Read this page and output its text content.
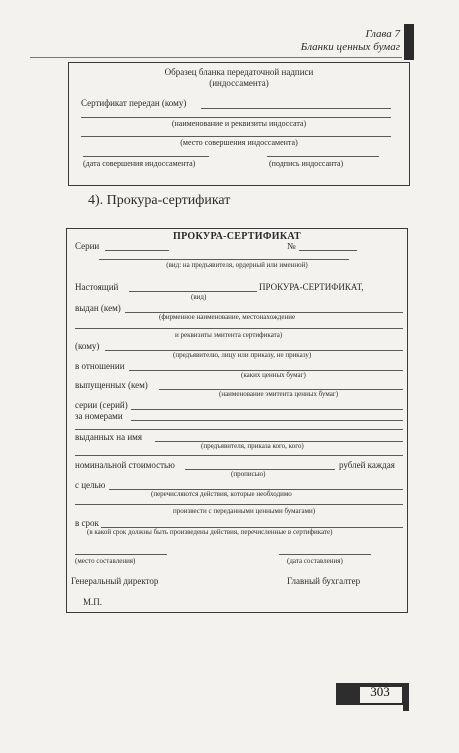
Глава 7
Бланки ценных бумаг
Образец бланка передаточной надписи
(индоссамента)
Сертификат передан (кому)
(наименование и реквизиты индоссата)
(место совершения индоссамента)
(дата совершения индоссамента)	(подпись индоссанта)
4). Прокура-сертификат
ПРОКУРА-СЕРТИФИКАТ
Серии	№
(вид: на предъявителя, ордерный или именной)
Настоящий	ПРОКУРА-СЕРТИФИКАТ,
(вид)
выдан (кем)
(фирменное наименование, местонахождение
и реквизиты эмитента сертификата)
(кому)
(предъявителю, лицу или приказу, не приказу)
в отношении
(каких ценных бумаг)
выпущенных (кем)
(наименование эмитента ценных бумаг)
серии (серий)
за номерами
выданных на имя
(предъявителя, приказа кого, кого)
номинальной стоимостью	рублей каждая
(прописью)
с целью
(перечисляются действия, которые необходимо
произвести с переданными ценными бумагами)
в срок
(в какой срок должны быть произведены действия, перечисленные в сертификате)
(место составления)	(дата составления)
Генеральный директор	Главный бухгалтер
М.П.
303
